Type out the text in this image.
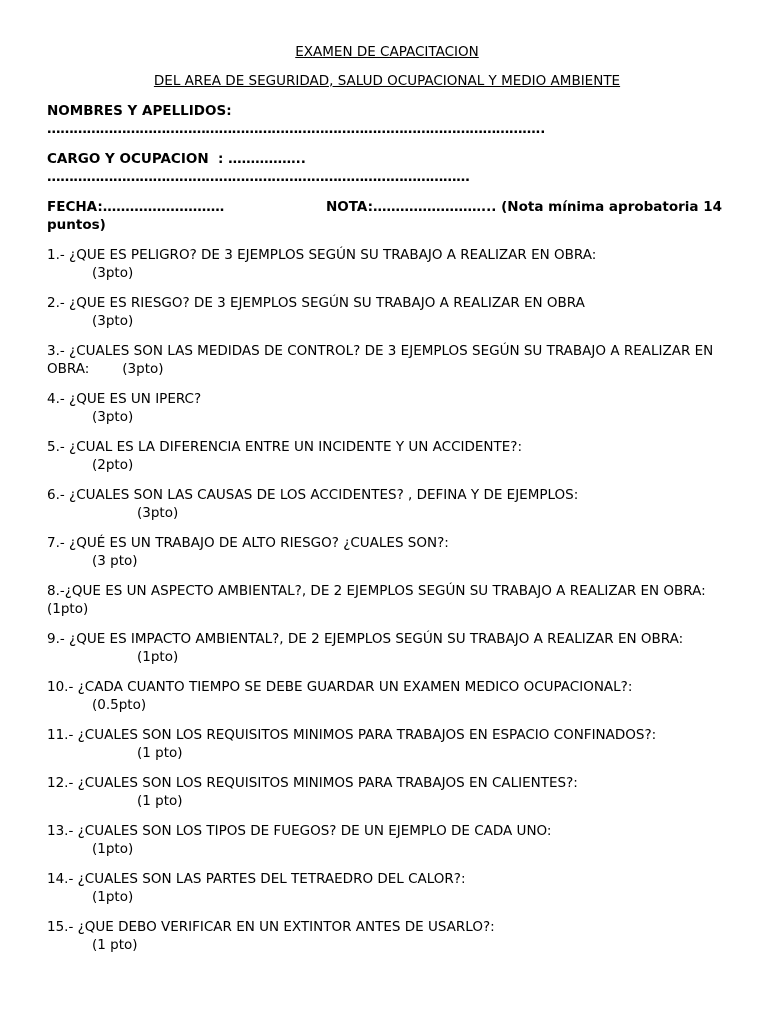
EXAMEN DE CAPACITACION

DEL AREA DE SEGURIDAD, SALUD OCUPACIONAL Y MEDIO AMBIENTE

NOMBRES Y APELLIDOS:

…………………………………………………………………………………………………..

CARGO Y OCUPACION  : ……………..

……………………………………………………………………………………

FECHA:………………………	NOTA:……………………... (Nota mínima aprobatoria 14 puntos)

1.- ¿QUE ES PELIGRO? DE 3 EJEMPLOS SEGÚN SU TRABAJO A REALIZAR EN OBRA:
(3pto)
2.- ¿QUE ES RIESGO? DE 3 EJEMPLOS SEGÚN SU TRABAJO A REALIZAR EN OBRA
(3pto)
3.- ¿CUALES SON LAS MEDIDAS DE CONTROL? DE 3 EJEMPLOS SEGÚN SU TRABAJO A REALIZAR EN OBRA: (3pto)
4.- ¿QUE ES UN IPERC?
(3pto)
5.- ¿CUAL ES LA DIFERENCIA ENTRE UN INCIDENTE Y UN ACCIDENTE?:
(2pto)
6.- ¿CUALES SON LAS CAUSAS DE LOS ACCIDENTES? , DEFINA Y DE EJEMPLOS:
(3pto)
7.- ¿QUÉ ES UN TRABAJO DE ALTO RIESGO? ¿CUALES SON?:
(3 pto)
8.-¿QUE ES UN ASPECTO AMBIENTAL?, DE 2 EJEMPLOS SEGÚN SU TRABAJO A REALIZAR EN OBRA:(1pto)
9.- ¿QUE ES IMPACTO AMBIENTAL?, DE 2 EJEMPLOS SEGÚN SU TRABAJO A REALIZAR EN OBRA:
(1pto)
10.- ¿CADA CUANTO TIEMPO SE DEBE GUARDAR UN EXAMEN MEDICO OCUPACIONAL?:
(0.5pto)
11.- ¿CUALES SON LOS REQUISITOS MINIMOS PARA TRABAJOS EN ESPACIO CONFINADOS?:
(1 pto)
12.- ¿CUALES SON LOS REQUISITOS MINIMOS PARA TRABAJOS EN CALIENTES?:
(1 pto)
13.- ¿CUALES SON LOS TIPOS DE FUEGOS? DE UN EJEMPLO DE CADA UNO:
(1pto)
14.- ¿CUALES SON LAS PARTES DEL TETRAEDRO DEL CALOR?:
(1pto)
15.- ¿QUE DEBO VERIFICAR EN UN EXTINTOR ANTES DE USARLO?:
(1 pto)
